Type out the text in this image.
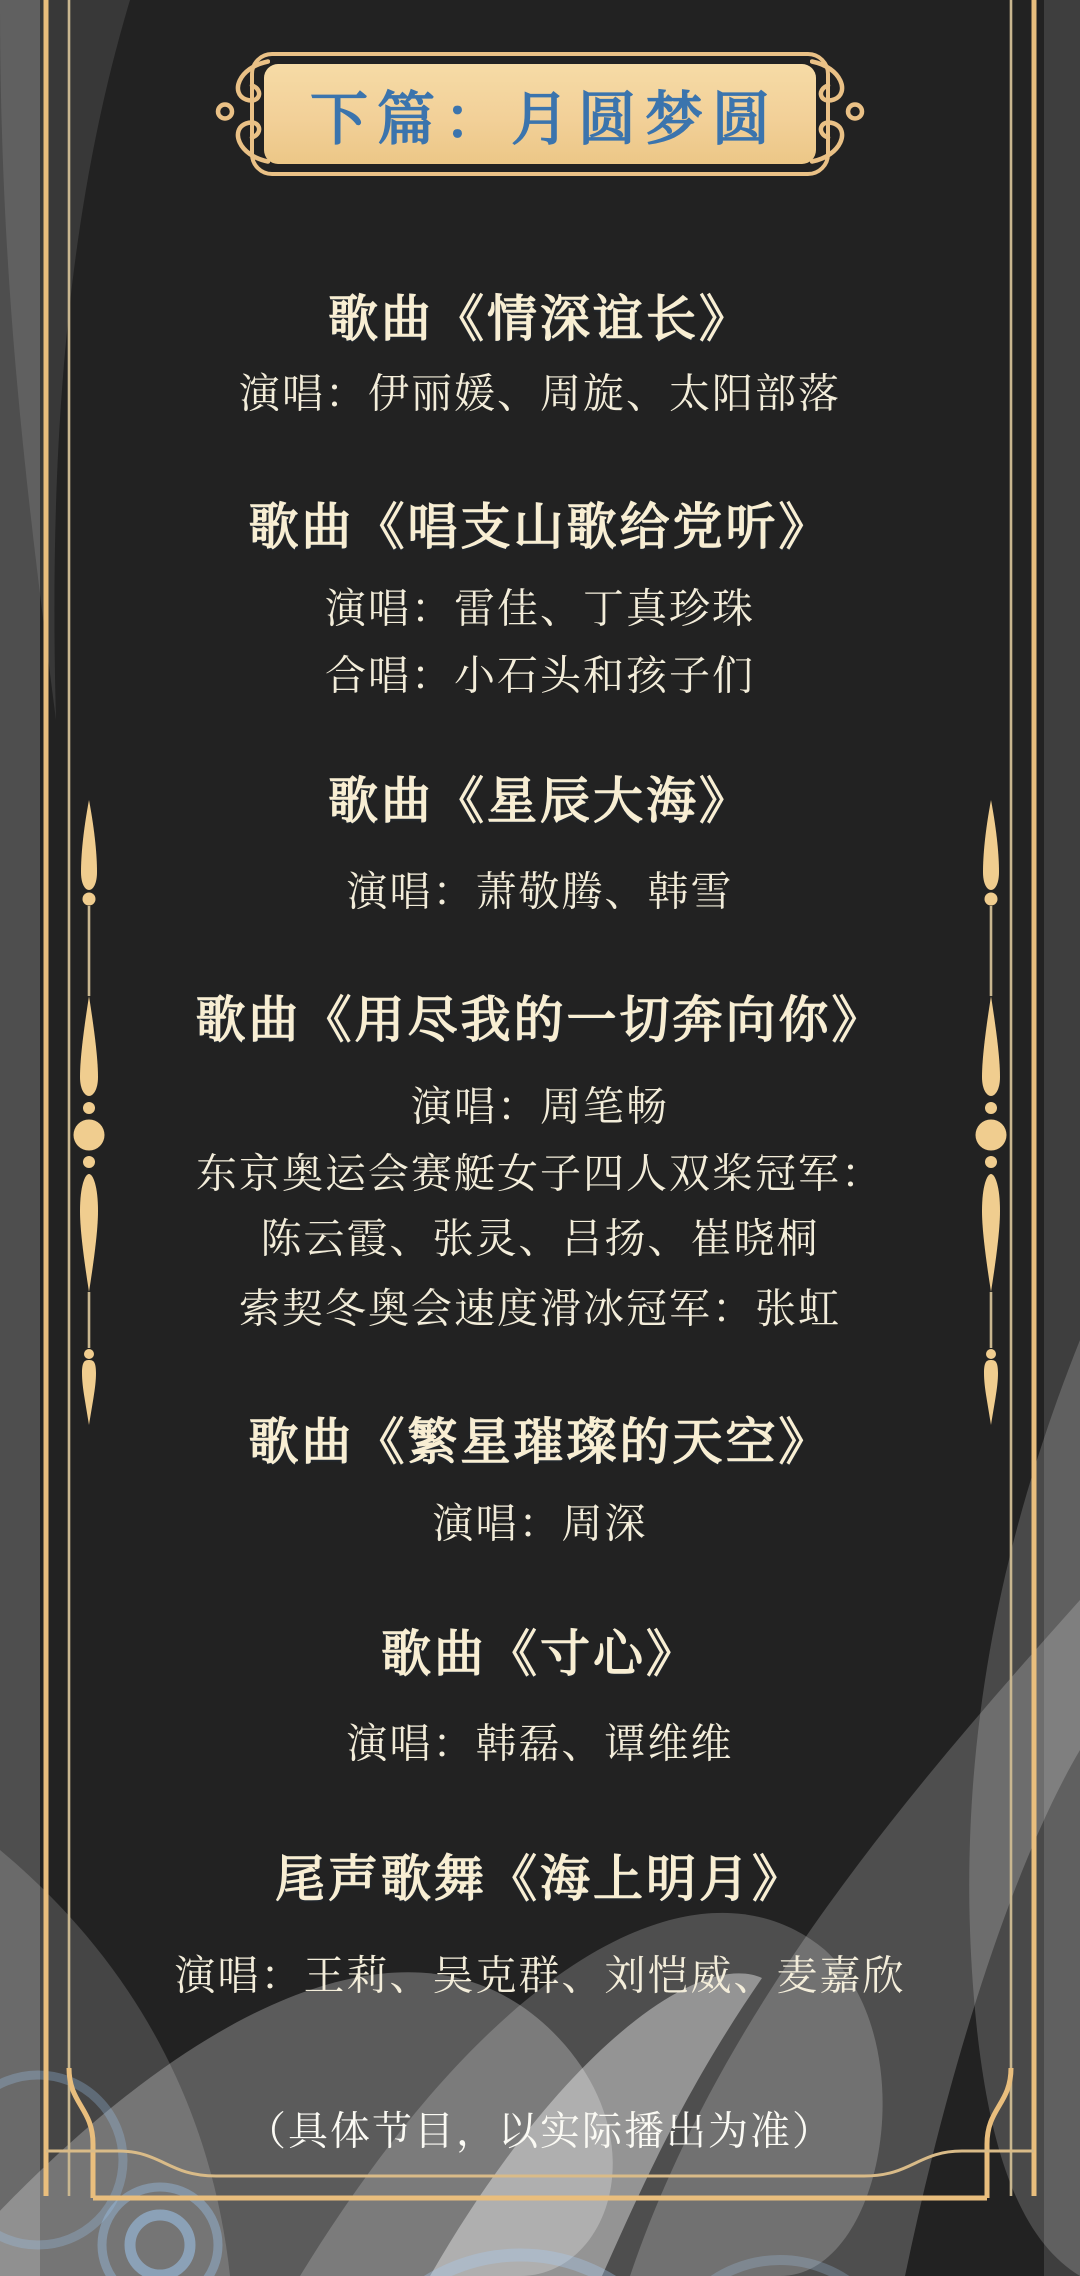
下篇：月圆梦圆
歌曲《情深谊长》
演唱：伊丽媛、周旋、太阳部落
歌曲《唱支山歌给党听》
演唱：雷佳、丁真珍珠
合唱：小石头和孩子们
歌曲《星辰大海》
演唱：萧敬腾、韩雪
歌曲《用尽我的一切奔向你》
演唱：周笔畅
东京奥运会赛艇女子四人双桨冠军：
陈云霞、张灵、吕扬、崔晓桐
索契冬奥会速度滑冰冠军：张虹
歌曲《繁星璀璨的天空》
演唱：周深
歌曲《寸心》
演唱：韩磊、谭维维
尾声歌舞《海上明月》
演唱：王莉、吴克群、刘恺威、麦嘉欣
（具体节目，以实际播出为准）
